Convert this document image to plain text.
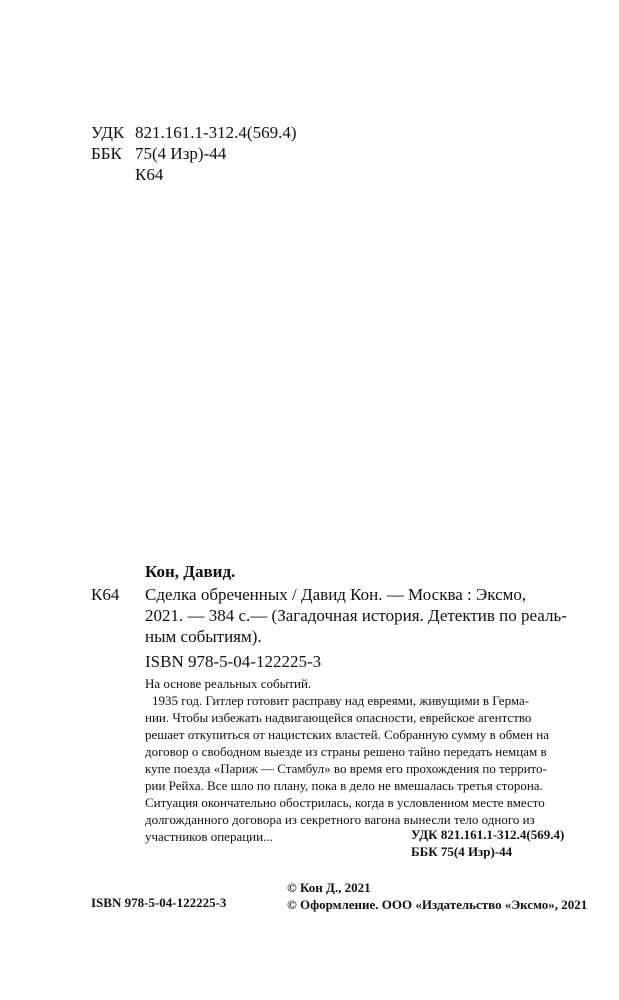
УДК 821.161.1-312.4(569.4)
ББК 75(4 Изр)-44
К64
Кон, Давид.
К64 Сделка обреченных / Давид Кон. — Москва : Эксмо,
2021. — 384 с.— (Загадочная история. Детектив по реаль-
ным событиям).
ISBN 978-5-04-122225-3
На основе реальных событий.
1935 год. Гитлер готовит расправу над евреями, живущими в Герма-
нии. Чтобы избежать надвигающейся опасности, еврейское агентство
решает откупиться от нацистских властей. Собранную сумму в обмен на
договор о свободном выезде из страны решено тайно передать немцам в
купе поезда «Париж — Стамбул» во время его прохождения по террито-
рии Рейха. Все шло по плану, пока в дело не вмешалась третья сторона.
Ситуация окончательно обострилась, когда в условленном месте вместо
долгожданного договора из секретного вагона вынесли тело одного из
участников операции...	УДК 821.161.1-312.4(569.4)
ББК 75(4 Изр)-44
© Кон Д., 2021
© Оформление. ООО «Издательство «Эксмо», 2021
ISBN 978-5-04-122225-3
